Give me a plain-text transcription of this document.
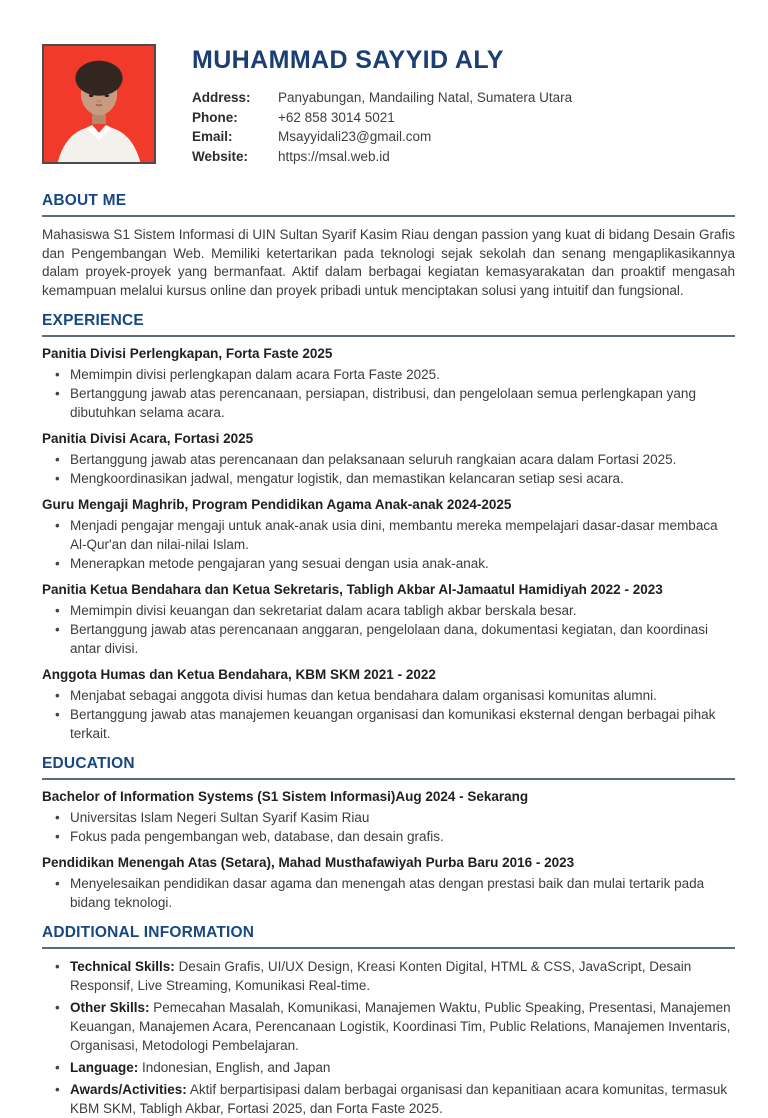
MUHAMMAD SAYYID ALY
Address:	Panyabungan, Mandailing Natal, Sumatera Utara
Phone:	+62 858 3014 5021
Email:	Msayyidali23@gmail.com
Website:	https://msal.web.id
ABOUT ME

Mahasiswa S1 Sistem Informasi di UIN Sultan Syarif Kasim Riau dengan passion yang kuat di bidang Desain Grafis dan Pengembangan Web. Memiliki ketertarikan pada teknologi sejak sekolah dan senang mengaplikasikannya dalam proyek-proyek yang bermanfaat. Aktif dalam berbagai kegiatan kemasyarakatan dan proaktif mengasah kemampuan melalui kursus online dan proyek pribadi untuk menciptakan solusi yang intuitif dan fungsional.

EXPERIENCE
Panitia Divisi Perlengkapan, Forta Faste 2025
• Memimpin divisi perlengkapan dalam acara Forta Faste 2025.
• Bertanggung jawab atas perencanaan, persiapan, distribusi, dan pengelolaan semua perlengkapan yang dibutuhkan selama acara.
Panitia Divisi Acara, Fortasi 2025
• Bertanggung jawab atas perencanaan dan pelaksanaan seluruh rangkaian acara dalam Fortasi 2025.
• Mengkoordinasikan jadwal, mengatur logistik, dan memastikan kelancaran setiap sesi acara.
Guru Mengaji Maghrib, Program Pendidikan Agama Anak-anak 2024-2025
• Menjadi pengajar mengaji untuk anak-anak usia dini, membantu mereka mempelajari dasar-dasar membaca Al-Qur'an dan nilai-nilai Islam.
• Menerapkan metode pengajaran yang sesuai dengan usia anak-anak.
Panitia Ketua Bendahara dan Ketua Sekretaris, Tabligh Akbar Al-Jamaatul Hamidiyah 2022 - 2023
• Memimpin divisi keuangan dan sekretariat dalam acara tabligh akbar berskala besar.
• Bertanggung jawab atas perencanaan anggaran, pengelolaan dana, dokumentasi kegiatan, dan koordinasi antar divisi.
Anggota Humas dan Ketua Bendahara, KBM SKM 2021 - 2022
• Menjabat sebagai anggota divisi humas dan ketua bendahara dalam organisasi komunitas alumni.
• Bertanggung jawab atas manajemen keuangan organisasi dan komunikasi eksternal dengan berbagai pihak terkait.
EDUCATION
Bachelor of Information Systems (S1 Sistem Informasi)Aug 2024 - Sekarang
• Universitas Islam Negeri Sultan Syarif Kasim Riau
• Fokus pada pengembangan web, database, dan desain grafis.
Pendidikan Menengah Atas (Setara), Mahad Musthafawiyah Purba Baru 2016 - 2023
• Menyelesaikan pendidikan dasar agama dan menengah atas dengan prestasi baik dan mulai tertarik pada bidang teknologi.
ADDITIONAL INFORMATION
• Technical Skills: Desain Grafis, UI/UX Design, Kreasi Konten Digital, HTML & CSS, JavaScript, Desain Responsif, Live Streaming, Komunikasi Real-time.
• Other Skills: Pemecahan Masalah, Komunikasi, Manajemen Waktu, Public Speaking, Presentasi, Manajemen Keuangan, Manajemen Acara, Perencanaan Logistik, Koordinasi Tim, Public Relations, Manajemen Inventaris, Organisasi, Metodologi Pembelajaran.
• Language: Indonesian, English, and Japan
• Awards/Activities: Aktif berpartisipasi dalam berbagai organisasi dan kepanitiaan acara komunitas, termasuk KBM SKM, Tabligh Akbar, Fortasi 2025, dan Forta Faste 2025.
